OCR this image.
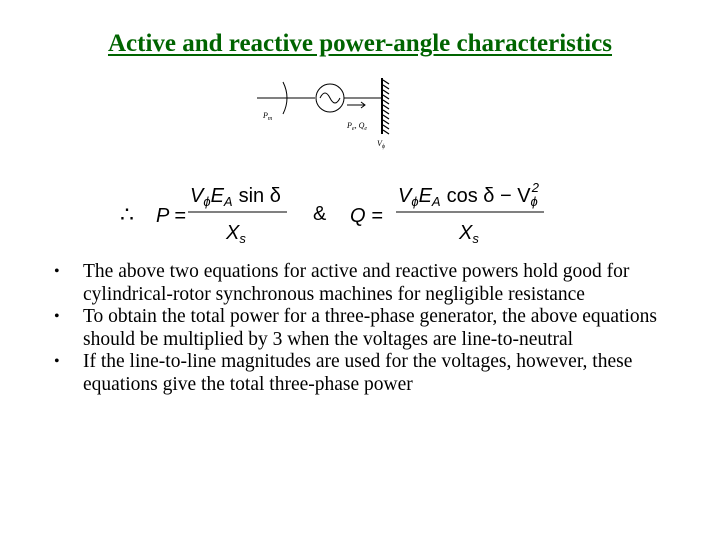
Active and reactive power-angle characteristics
$P_m$
$P_e$, $Q_e$
$V_\phi$
∴ P =
$V_\phi E_A$ sin δ
$X_s$
& Q =
$V_\phi E_A$ $\cos \delta - V_\phi 2$
$X_s$
• The above two equations for active and reactive powers hold good for cylindrical-rotor synchronous machines for negligible resistance
• To obtain the total power for a three-phase generator, the above equations should be multiplied by 3 when the voltages are line-to-neutral
• If the line-to-line magnitudes are used for the voltages, however, these equations give the total three-phase power
